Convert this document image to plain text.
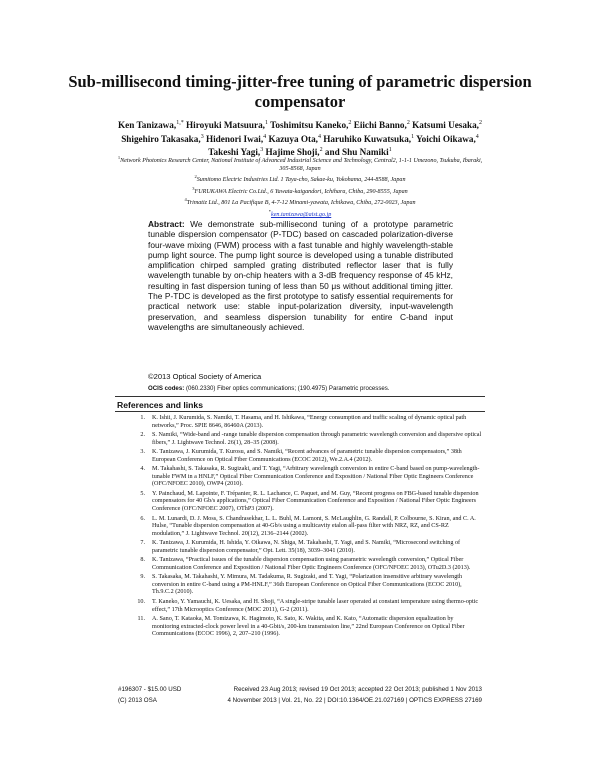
Sub-millisecond timing-jitter-free tuning of parametric dispersion compensator
Ken Tanizawa,$^{1,*}$ Hiroyuki Matsuura,$^1$ Toshimitsu Kaneko,$^2$ Eiichi Banno,$^2$ Katsumi Uesaka,$^2$ Shigehiro Takasaka,$^3$ Hidenori Iwai,$^4$ Kazuya Ota,$^4$ Haruhiko Kuwatsuka,$^1$ Yoichi Oikawa,$^4$ Takeshi Yagi,$^3$ Hajime Shoji,$^2$ and Shu Namiki$^1$
$^1$Network Photonics Research Center, National Institute of Advanced Industrial Science and Technology, Central2, 1-1-1 Umezono, Tsukuba, Ibaraki, 305-8568, Japan
$^2$Sumitomo Electric Industries Ltd. 1 Taya-cho, Sakae-ku, Yokohama, 244-8588, Japan
$^3$FURUKAWA Electric Co.Ltd., 6 Yawata-kaigandori, Ichihara, Chiba, 290-8555, Japan
$^4$Trimatiz Ltd., 801 La Pacifique B, 4-7-12 Minami-yawata, Ichikawa, Chiba, 272-0023, Japan
*ken.tanizawa@aist.go.jp
Abstract: We demonstrate sub-millisecond tuning of a prototype parametric tunable dispersion compensator (P-TDC) based on cascaded polarization-diverse four-wave mixing (FWM) process with a fast tunable and highly wavelength-stable pump light source. The pump light source is developed using a tunable distributed amplification chirped sampled grating distributed reflector laser that is fully wavelength tunable by on-chip heaters with a 3-dB frequency response of 45 kHz, resulting in fast dispersion tuning of less than 50 μs without additional timing jitter. The P-TDC is developed as the first prototype to satisfy essential requirements for practical network use: stable input-polarization diversity, input-wavelength preservation, and seamless dispersion tunability for entire C-band input wavelengths are simultaneously achieved.
©2013 Optical Society of America
OCIS codes: (060.2330) Fiber optics communications; (190.4975) Parametric processes.
References and links
1. K. Ishii, J. Kurumida, S. Namiki, T. Hasama, and H. Ishikawa, “Energy consumption and traffic scaling of dynamic optical path networks,” Proc. SPIE 8646, 86460A (2013).
2. S. Namiki, “Wide-band and -range tunable dispersion compensation through parametric wavelength conversion and dispersive optical fibers,” J. Lightwave Technol. 26(1), 28–35 (2008).
3. K. Tanizawa, J. Kurumida, T. Kurosu, and S. Namiki, “Recent advances of parametric tunable dispersion compensators,” 38th European Conference on Optical Fiber Communications (ECOC 2012), We.2.A.4 (2012).
4. M. Takahashi, S. Takasaka, R. Sugizaki, and T. Yagi, “Arbitrary wavelength conversion in entire C-band based on pump-wavelength-tunable FWM in a HNLF,” Optical Fiber Communication Conference and Exposition / National Fiber Optic Engineers Conference (OFC/NFOEC 2010), OWP4 (2010).
5. Y. Painchaud, M. Lapointe, F. Trépanier, R. L. Lachance, C. Paquet, and M. Guy, “Recent progress on FBG-based tunable dispersion compensators for 40 Gb/s applications,” Optical Fiber Communication Conference and Exposition / National Fiber Optic Engineers Conference (OFC/NFOEC 2007), OThP3 (2007).
6. L. M. Lunardi, D. J. Moss, S. Chandrasekhar, L. L. Buhl, M. Lamont, S. McLaughlin, G. Randall, P. Colbourne, S. Kiran, and C. A. Hulse, “Tunable dispersion compensation at 40-Gb/s using a multicavity etalon all-pass filter with NRZ, RZ, and CS-RZ modulation,” J. Lightwave Technol. 20(12), 2136–2144 (2002).
7. K. Tanizawa, J. Kurumida, H. Ishida, Y. Oikawa, N. Shiga, M. Takahashi, T. Yagi, and S. Namiki, “Microsecond switching of parametric tunable dispersion compensator,” Opt. Lett. 35(18), 3039–3041 (2010).
8. K. Tanizawa, “Practical issues of the tunable dispersion compensation using parametric wavelength conversion,” Optical Fiber Communication Conference and Exposition / National Fiber Optic Engineers Conference (OFC/NFOEC 2013), OTu2D.3 (2013).
9. S. Takasaka, M. Takahashi, Y. Mimura, M. Tadakuma, R. Sugizaki, and T. Yagi, “Polarization insensitive arbitrary wavelength conversion in entire C-band using a PM-HNLF,” 36th European Conference on Optical Fiber Communications (ECOC 2010), Th.9.C.2 (2010).
10. T. Kaneko, Y. Yamauchi, K. Uesaka, and H. Shoji, “A single-stripe tunable laser operated at constant temperature using thermo-optic effect,” 17th Microoptics Conference (MOC 2011), G-2 (2011).
11. A. Sano, T. Kataoka, M. Tomizawa, K. Hagimoto, K. Sato, K. Wakita, and K. Kato, “Automatic dispersion equalization by monitoring extracted-clock power level in a 40-Gbit/s, 200-km transmission line,” 22nd European Conference on Optical Fiber Communications (ECOC 1996), 2, 207–210 (1996).
#196307 - $15.00 USD	Received 23 Aug 2013; revised 19 Oct 2013; accepted 22 Oct 2013; published 1 Nov 2013
(C) 2013 OSA	4 November 2013 | Vol. 21, No. 22 | DOI:10.1364/OE.21.027169 | OPTICS EXPRESS 27169
